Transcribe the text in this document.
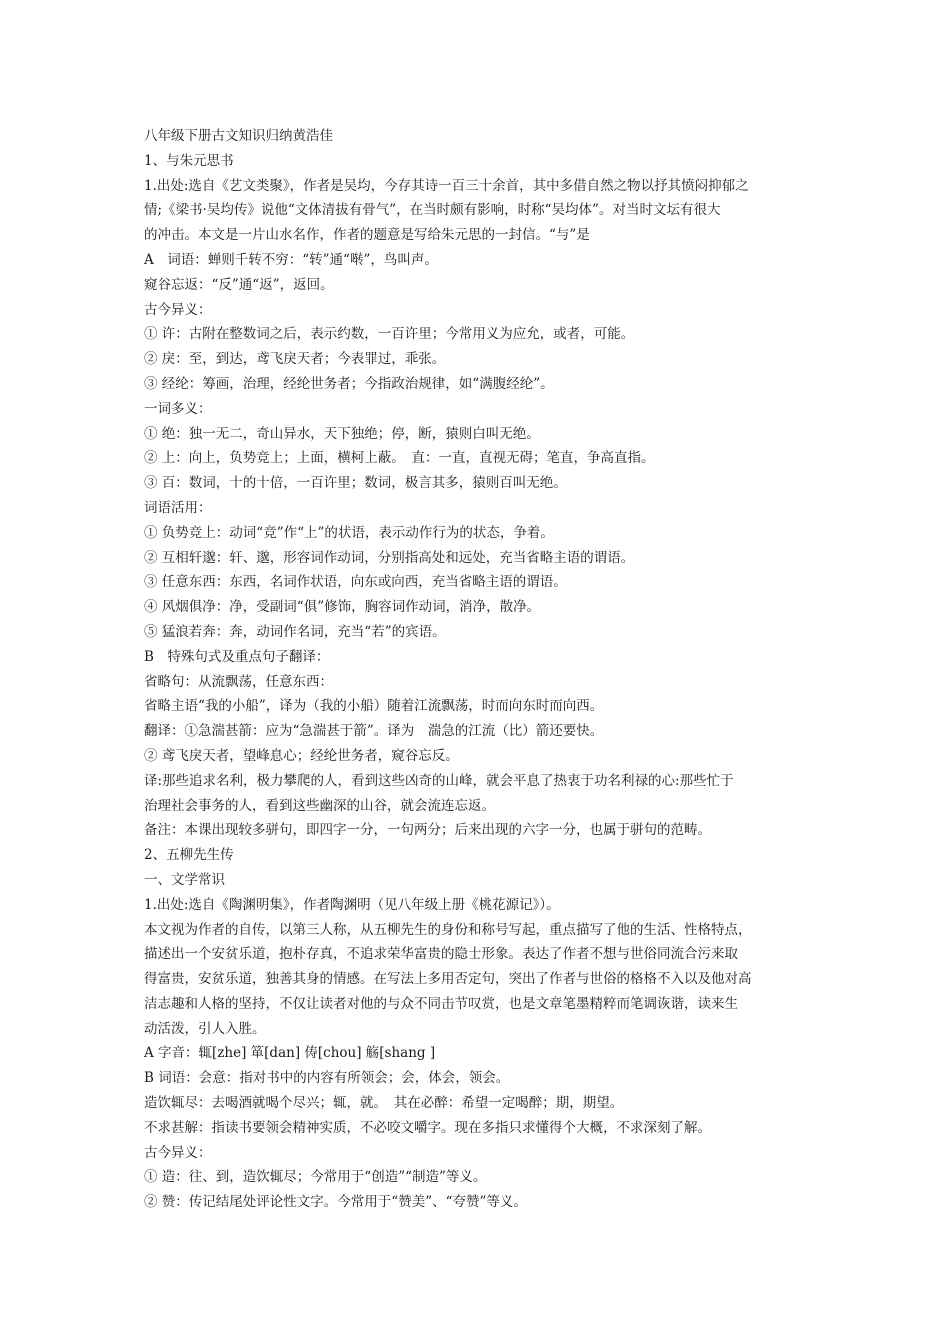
八年级下册古文知识归纳黄浩佳
1、与朱元思书
1.出处:选自《艺文类聚》，作者是吴均，今存其诗一百三十余首，其中多借自然之物以抒其愤闷抑郁之
情;《梁书·吴均传》说他“文体清拔有骨气”，在当时颇有影响，时称“吴均体”。对当时文坛有很大
的冲击。本文是一片山水名作，作者的题意是写给朱元思的一封信。“与”是
A　词语：蝉则千转不穷：“转”通“啭”，鸟叫声。
窥谷忘返：“反”通“返”，返回。
古今异义：
① 许：古附在整数词之后，表示约数，一百许里；今常用义为应允，或者，可能。
② 戾：至，到达，鸢飞戾天者；今表罪过，乖张。
③ 经纶：筹画，治理，经纶世务者；今指政治规律，如“满腹经纶”。
一词多义：
① 绝：独一无二，奇山异水，天下独绝；停，断，猿则白叫无绝。
② 上：向上，负势竞上；上面，横柯上蔽。　直：一直，直视无碍；笔直，争高直指。
③ 百：数词，十的十倍，一百许里；数词，极言其多，猿则百叫无绝。
词语活用：
① 负势竞上：动词“竞”作“上”的状语，表示动作行为的状态，争着。
② 互相轩邈：轩、邈，形容词作动词，分别指高处和远处，充当省略主语的谓语。
③ 任意东西：东西，名词作状语，向东或向西，充当省略主语的谓语。
④ 风烟俱净：净，受副词“俱”修饰，胸容词作动词，消净，散净。
⑤ 猛浪若奔：奔，动词作名词，充当“若”的宾语。
B　特殊句式及重点句子翻译：
省略句：从流飘荡，任意东西：
省略主语“我的小船”，译为（我的小船）随着江流飘荡，时而向东时而向西。
翻译：①急湍甚箭：应为“急湍甚于箭”。译为　湍急的江流（比）箭还要快。
② 鸢飞戾天者，望峰息心；经纶世务者，窥谷忘反。
译:那些追求名利，极力攀爬的人，看到这些凶奇的山峰，就会平息了热衷于功名利禄的心:那些忙于
治理社会事务的人，看到这些幽深的山谷，就会流连忘返。
备注：本课出现较多骈句，即四字一分，一句两分；后来出现的六字一分，也属于骈句的范畴。
2、五柳先生传
一、文学常识
1.出处:选自《陶渊明集》，作者陶渊明（见八年级上册《桃花源记》）。
本文视为作者的自传，以第三人称，从五柳先生的身份和称号写起，重点描写了他的生活、性格特点，
描述出一个安贫乐道，抱朴存真，不追求荣华富贵的隐士形象。表达了作者不想与世俗同流合污来取
得富贵，安贫乐道，独善其身的情感。在写法上多用否定句，突出了作者与世俗的格格不入以及他对高
洁志趣和人格的坚持，不仅让读者对他的与众不同击节叹赏，也是文章笔墨精粹而笔调诙谐，读来生
动活泼，引人入胜。
A 字音：辄[zhe] 箪[dan] 俦[chou] 觞[shang ]
B 词语：会意：指对书中的内容有所领会；会，体会，领会。
造饮辄尽：去喝酒就喝个尽兴；辄，就。　其在必醉：希望一定喝醉；期，期望。
不求甚解：指读书要领会精神实质，不必咬文嚼字。现在多指只求懂得个大概，不求深刻了解。
古今异义：
① 造：往、到，造饮辄尽；今常用于“创造”“制造”等义。
② 赞：传记结尾处评论性文字。今常用于“赞美”、“夸赞”等义。
